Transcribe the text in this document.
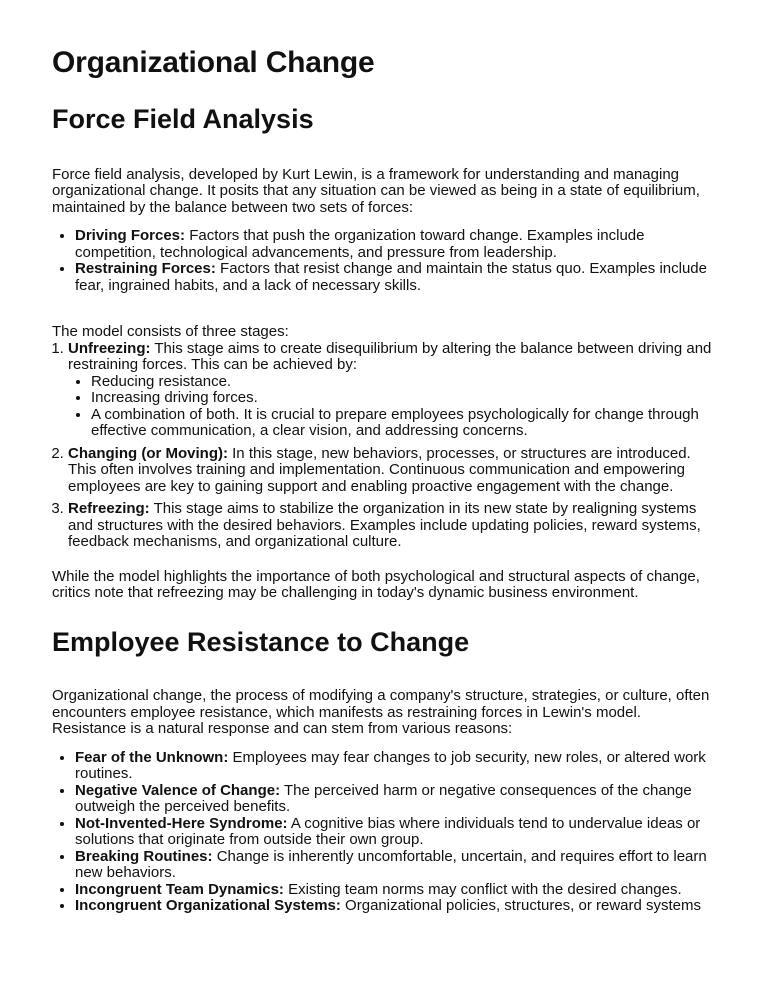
Organizational Change
Force Field Analysis

Force field analysis, developed by Kurt Lewin, is a framework for understanding and managing organizational change. It posits that any situation can be viewed as being in a state of equilibrium, maintained by the balance between two sets of forces:

• Driving Forces: Factors that push the organization toward change. Examples include competition, technological advancements, and pressure from leadership.
• Restraining Forces: Factors that resist change and maintain the status quo. Examples include fear, ingrained habits, and a lack of necessary skills.

The model consists of three stages:

1. Unfreezing: This stage aims to create disequilibrium by altering the balance between driving and restraining forces. This can be achieved by:
• Reducing resistance.
• Increasing driving forces.
• A combination of both. It is crucial to prepare employees psychologically for change through effective communication, a clear vision, and addressing concerns.
2. Changing (or Moving): In this stage, new behaviors, processes, or structures are introduced. This often involves training and implementation. Continuous communication and empowering employees are key to gaining support and enabling proactive engagement with the change.
3. Refreezing: This stage aims to stabilize the organization in its new state by realigning systems and structures with the desired behaviors. Examples include updating policies, reward systems, feedback mechanisms, and organizational culture.

While the model highlights the importance of both psychological and structural aspects of change, critics note that refreezing may be challenging in today's dynamic business environment.

Employee Resistance to Change

Organizational change, the process of modifying a company's structure, strategies, or culture, often encounters employee resistance, which manifests as restraining forces in Lewin's model. Resistance is a natural response and can stem from various reasons:

• Fear of the Unknown: Employees may fear changes to job security, new roles, or altered work routines.
• Negative Valence of Change: The perceived harm or negative consequences of the change outweigh the perceived benefits.
• Not-Invented-Here Syndrome: A cognitive bias where individuals tend to undervalue ideas or solutions that originate from outside their own group.
• Breaking Routines: Change is inherently uncomfortable, uncertain, and requires effort to learn new behaviors.
• Incongruent Team Dynamics: Existing team norms may conflict with the desired changes.
• Incongruent Organizational Systems: Organizational policies, structures, or reward systems
